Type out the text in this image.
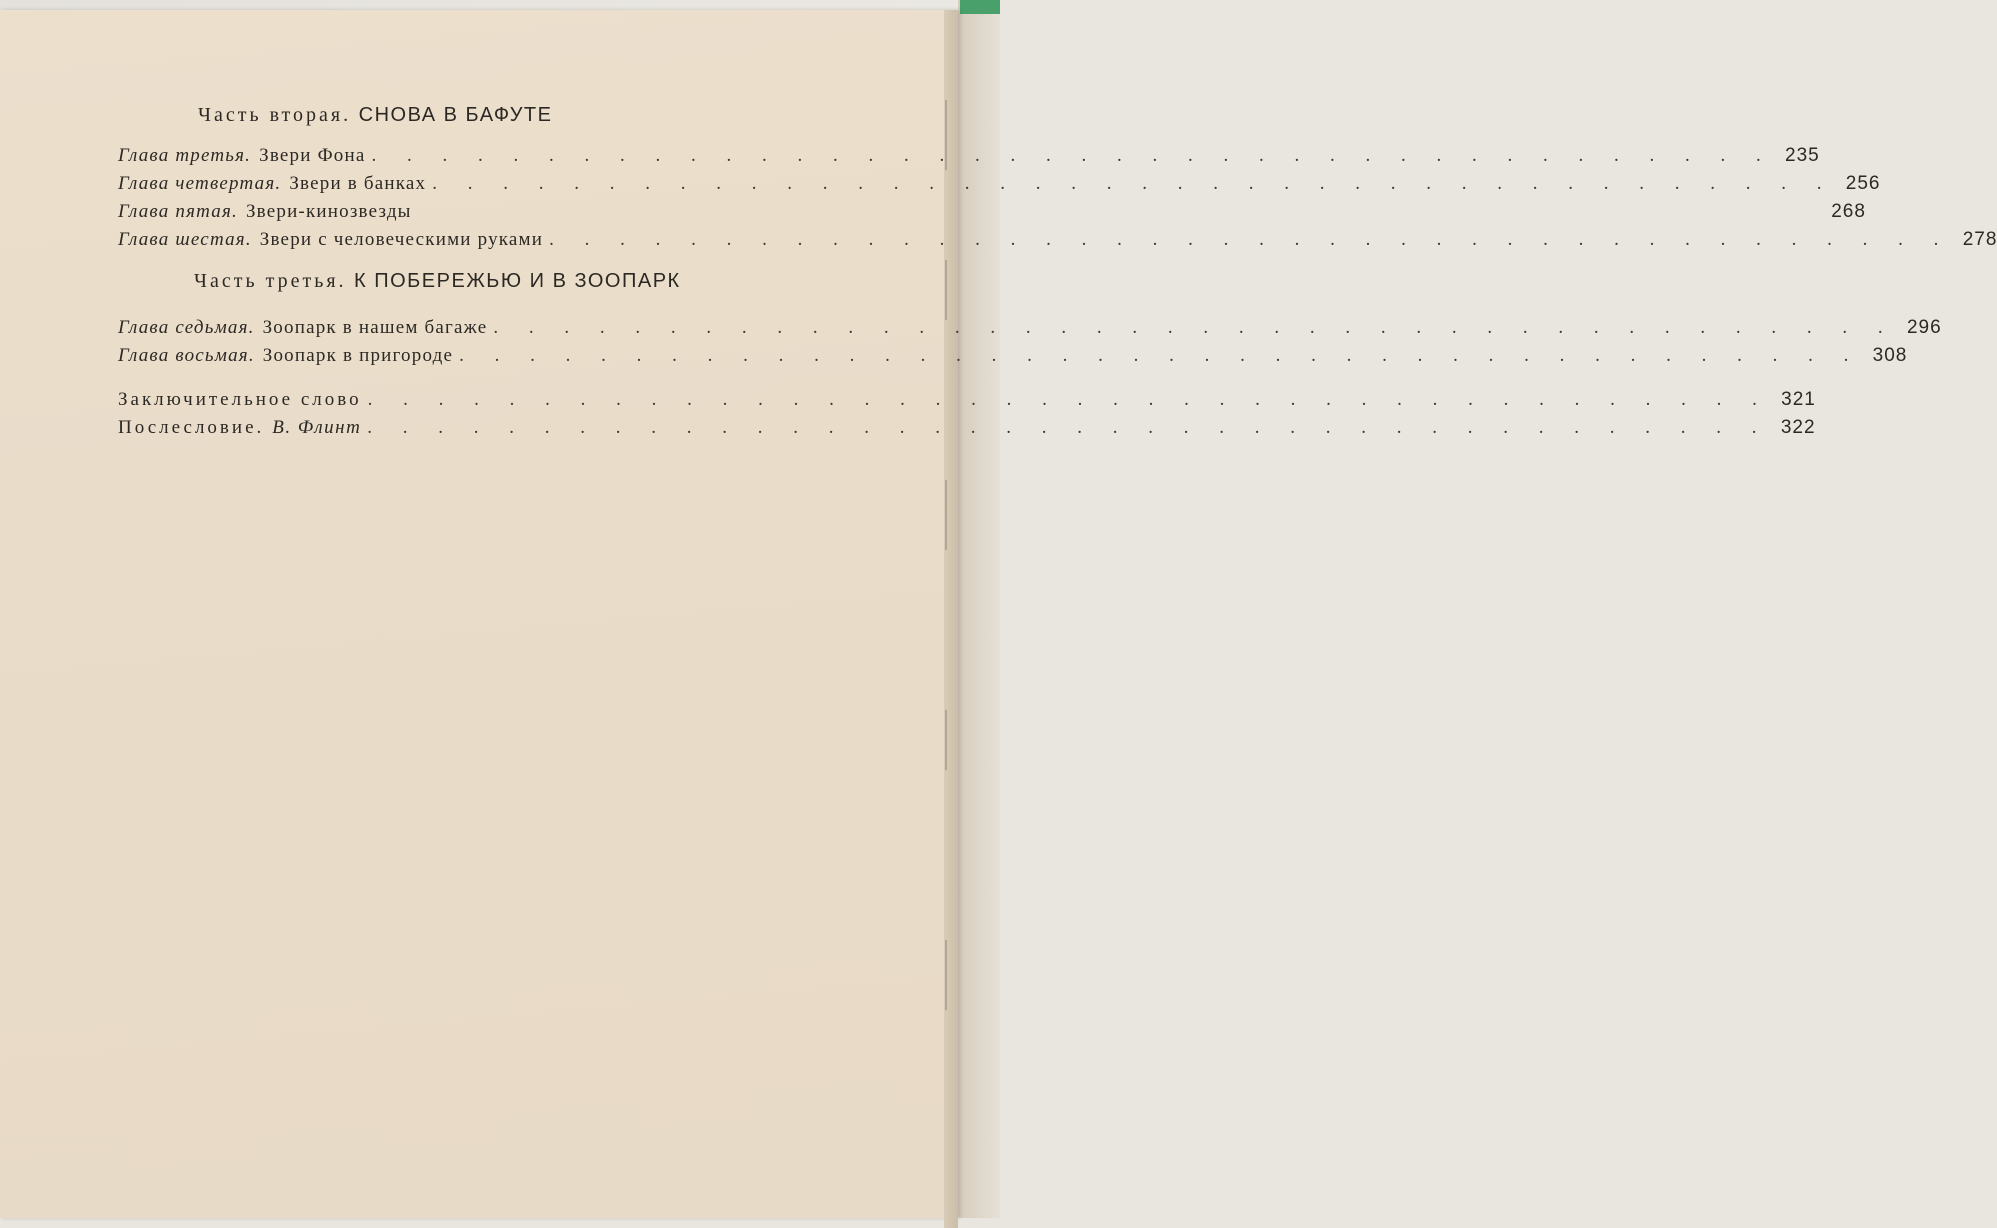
Часть вторая. СНОВА В БАФУТЕ
Глава третья. Звери Фона . . . . . . . . . . . . . . . . . . . . . . . . . . . . . . . . . . . . . . . . 235
Глава четвертая. Звери в банках . . . . . . . . . . . . . . . . . . . . . . . . . . . . . . . . . . . . . . . . 256
Глава пятая. Звери-кинозвезды	268
Глава шестая. Звери с человеческими руками . . . . . . . . . . . . . . . . . . . . . . . . . . . . . . . . . . . . . . . . 278
Часть третья. К ПОБЕРЕЖЬЮ И В ЗООПАРК
Глава седьмая. Зоопарк в нашем багаже . . . . . . . . . . . . . . . . . . . . . . . . . . . . . . . . . . . . . . . . 296
Глава восьмая. Зоопарк в пригороде . . . . . . . . . . . . . . . . . . . . . . . . . . . . . . . . . . . . . . . . 308
Заключительное слово . . . . . . . . . . . . . . . . . . . . . . . . . . . . . . . . . . . . . . . . 321
Послесловие. В. Флинт . . . . . . . . . . . . . . . . . . . . . . . . . . . . . . . . . . . . . . . . 322
